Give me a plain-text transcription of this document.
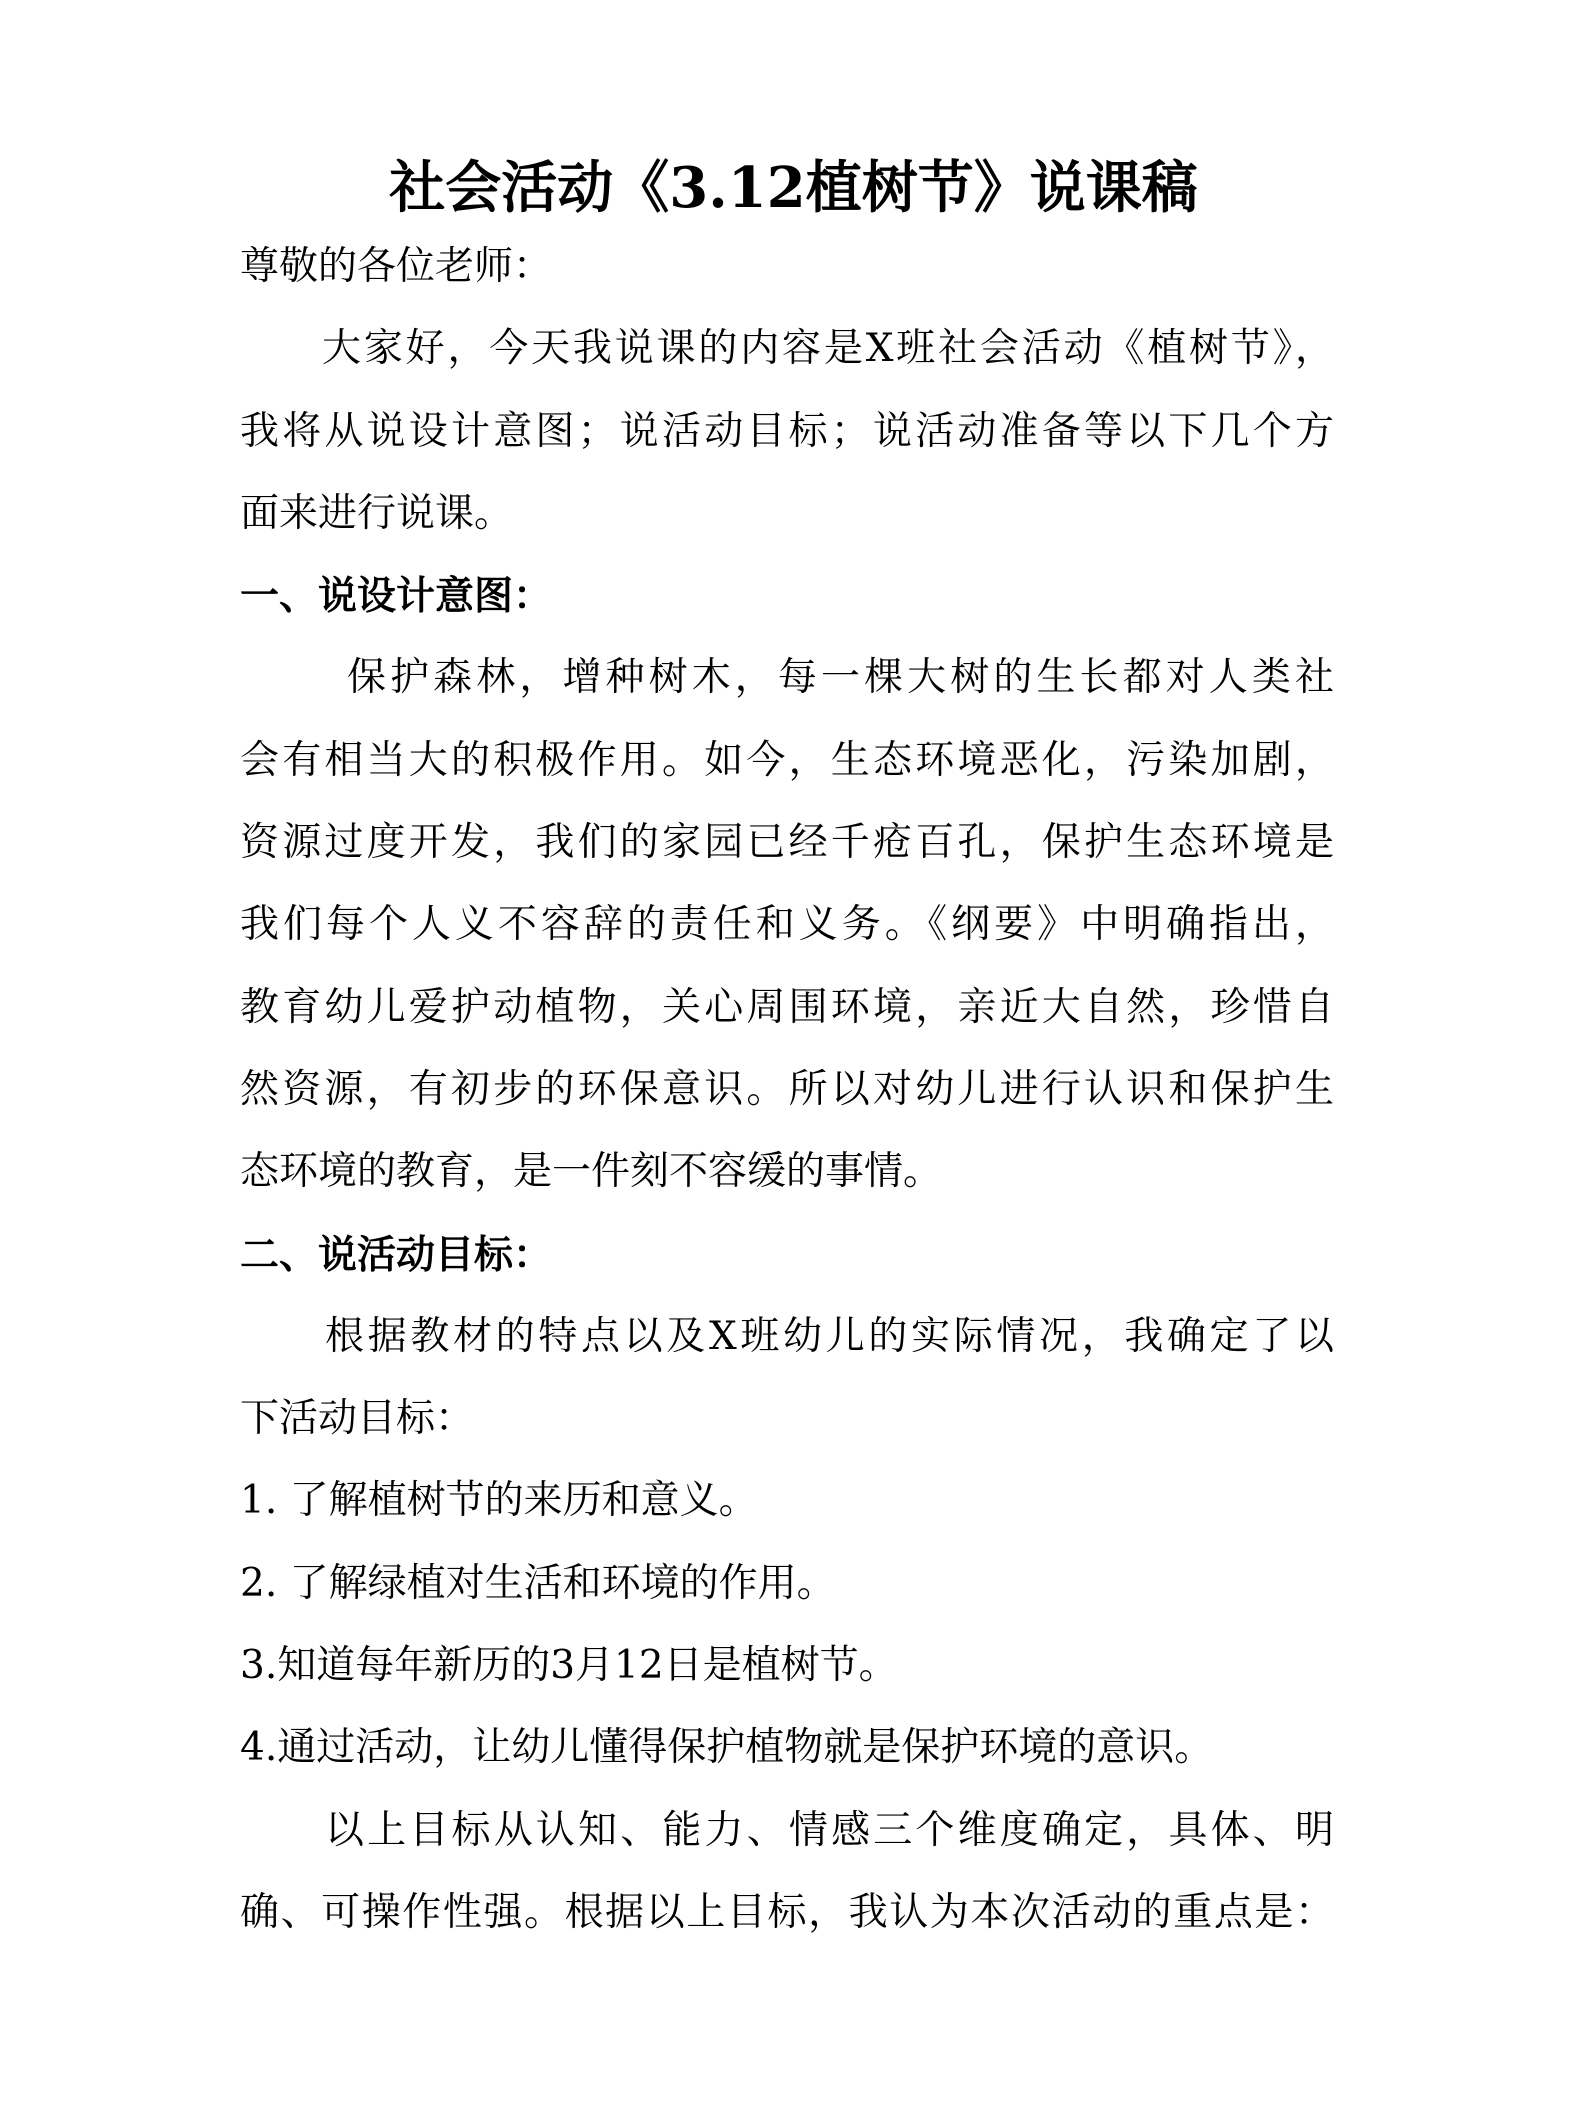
社会活动《3.12植树节》说课稿
尊敬的各位老师：
大家好，今天我说课的内容是X班社会活动《植树节》，
我将从说设计意图；说活动目标；说活动准备等以下几个方
面来进行说课。
一、说设计意图：
保护森林，增种树木，每一棵大树的生长都对人类社
会有相当大的积极作用。如今，生态环境恶化，污染加剧，
资源过度开发，我们的家园已经千疮百孔，保护生态环境是
我们每个人义不容辞的责任和义务。《纲要》中明确指出，
教育幼儿爱护动植物，关心周围环境，亲近大自然，珍惜自
然资源，有初步的环保意识。所以对幼儿进行认识和保护生
态环境的教育，是一件刻不容缓的事情。
二、说活动目标：
根据教材的特点以及X班幼儿的实际情况，我确定了以
下活动目标：
1. 了解植树节的来历和意义。
2. 了解绿植对生活和环境的作用。
3.知道每年新历的3月12日是植树节。
4.通过活动，让幼儿懂得保护植物就是保护环境的意识。
以上目标从认知、能力、情感三个维度确定，具体、明
确、可操作性强。根据以上目标，我认为本次活动的重点是：
